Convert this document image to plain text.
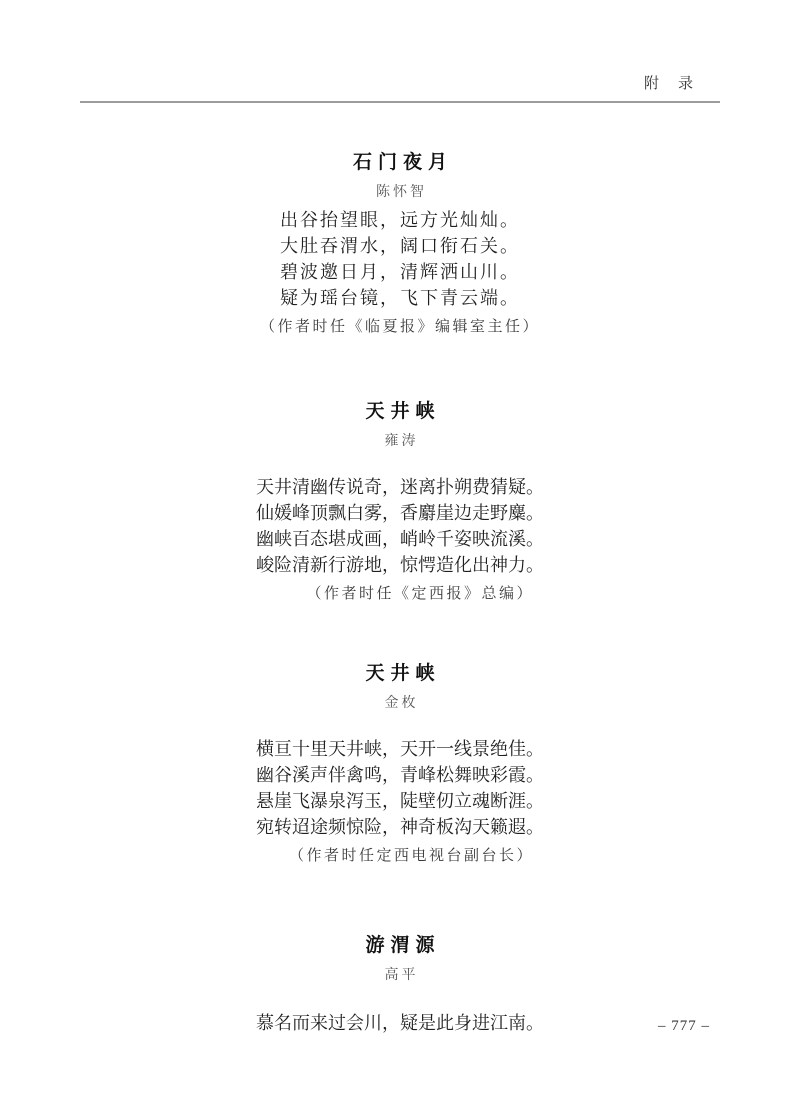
附　录
石门夜月
陈怀智
出谷抬望眼，远方光灿灿。
大肚吞渭水，阔口衔石关。
碧波邀日月，清辉洒山川。
疑为瑶台镜，飞下青云端。
（作者时任《临夏报》编辑室主任）
天井峡
雍涛
天井清幽传说奇，迷离扑朔费猜疑。
仙媛峰顶飘白雾，香麝崖边走野麋。
幽峡百态堪成画，峭岭千姿映流溪。
峻险清新行游地，惊愕造化出神力。
（作者时任《定西报》总编）
天井峡
金枚
横亘十里天井峡，天开一线景绝佳。
幽谷溪声伴禽鸣，青峰松舞映彩霞。
悬崖飞瀑泉泻玉，陡壁仞立魂断涯。
宛转迢途频惊险，神奇板沟天籁遐。
（作者时任定西电视台副台长）
游渭源
高平
慕名而来过会川，疑是此身进江南。	– 777 –
